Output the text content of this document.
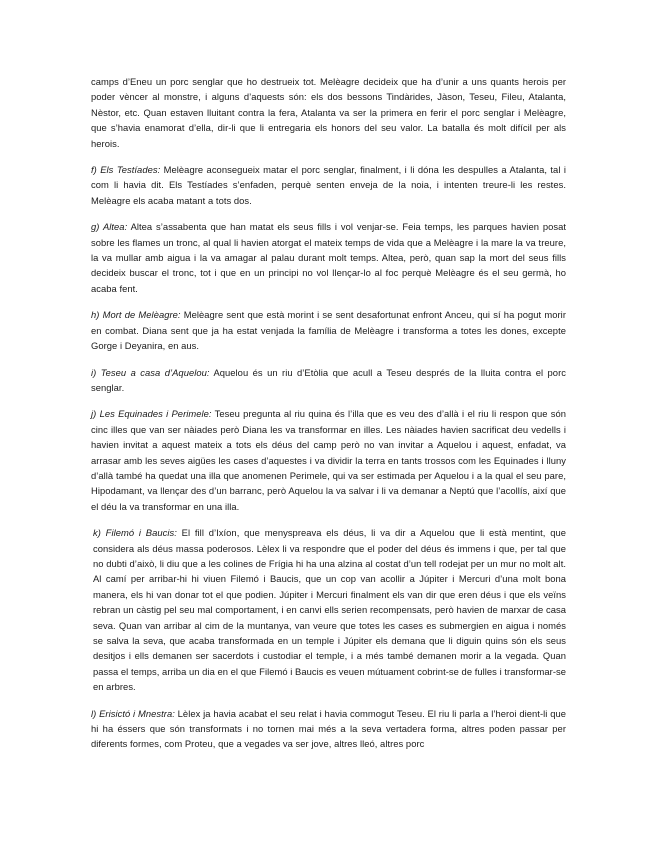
camps d’Eneu un porc senglar que ho destrueix tot. Melèagre decideix que ha d’unir a uns quants herois per poder vèncer al monstre, i alguns d’aquests són: els dos bessons Tindàrides, Jàson, Teseu, Fileu, Atalanta, Nèstor, etc. Quan estaven lluitant contra la fera, Atalanta va ser la primera en ferir el porc senglar i Melèagre, que s’havia enamorat d’ella, dir-li que li entregaria els honors del seu valor. La batalla és molt difícil per als herois.

f) Els Testíades: Melèagre aconsegueix matar el porc senglar, finalment, i li dóna les despulles a Atalanta, tal i com li havia dit. Els Testíades s’enfaden, perquè senten enveja de la noia, i intenten treure-li les restes. Melèagre els acaba matant a tots dos.

g) Altea: Altea s’assabenta que han matat els seus fills i vol venjar-se. Feia temps, les parques havien posat sobre les flames un tronc, al qual li havien atorgat el mateix temps de vida que a Melèagre i la mare la va treure, la va mullar amb aigua i la va amagar al palau durant molt temps. Altea, però, quan sap la mort del seus fills decideix buscar el tronc, tot i que en un principi no vol llençar-lo al foc perquè Melèagre és el seu germà, ho acaba fent.

h) Mort de Melèagre: Melèagre sent que està morint i se sent desafortunat enfront Anceu, qui sí ha pogut morir en combat. Diana sent que ja ha estat venjada la família de Melèagre i transforma a totes les dones, excepte Gorge i Deyanira, en aus.

i) Teseu a casa d’Aquelou: Aquelou és un riu d’Etòlia que acull a Teseu després de la lluita contra el porc senglar.

j) Les Equinades i Perimele: Teseu pregunta al riu quina és l’illa que es veu des d’allà i el riu li respon que són cinc illes que van ser nàiades però Diana les va transformar en illes. Les nàiades havien sacrificat deu vedells i havien invitat a aquest mateix a tots els déus del camp però no van invitar a Aquelou i aquest, enfadat, va arrasar amb les seves aigües les cases d’aquestes i va dividir la terra en tants trossos com les Equinades i lluny d’allà també ha quedat una illa que anomenen Perimele, qui va ser estimada per Aquelou i a la qual el seu pare, Hipodamant, va llençar des d’un barranc, però Aquelou la va salvar i li va demanar a Neptú que l’acollís, així que el déu la va transformar en una illa.

k) Filemó i Baucis: El fill d’Ixíon, que menyspreava els déus, li va dir a Aquelou que li està mentint, que considera als déus massa poderosos. Lèlex li va respondre que el poder del déus és immens i que, per tal que no dubti d’això, li diu que a les colines de Frígia hi ha una alzina al costat d’un tell rodejat per un mur no molt alt. Al camí per arribar-hi hi viuen Filemó i Baucis, que un cop van acollir a Júpiter i Mercuri d’una molt bona manera, els hi van donar tot el que podien. Júpiter i Mercuri finalment els van dir que eren déus i que els veïns rebran un càstig pel seu mal comportament, i en canvi ells serien recompensats, però havien de marxar de casa seva. Quan van arribar al cim de la muntanya, van veure que totes les cases es submergien en aigua i només se salva la seva, que acaba transformada en un temple i Júpiter els demana que li diguin quins són els seus desitjos i ells demanen ser sacerdots i custodiar el temple, i a més també demanen morir a la vegada. Quan passa el temps, arriba un dia en el que Filemó i Baucis es veuen mútuament cobrint-se de fulles i transformar-se en arbres.

l) Erisictó i Mnestra: Lèlex ja havia acabat el seu relat i havia commogut Teseu. El riu li parla a l’heroi dient-li que hi ha éssers que són transformats i no tornen mai més a la seva vertadera forma, altres poden passar per diferents formes, com Proteu, que a vegades va ser jove, altres lleó, altres porc
